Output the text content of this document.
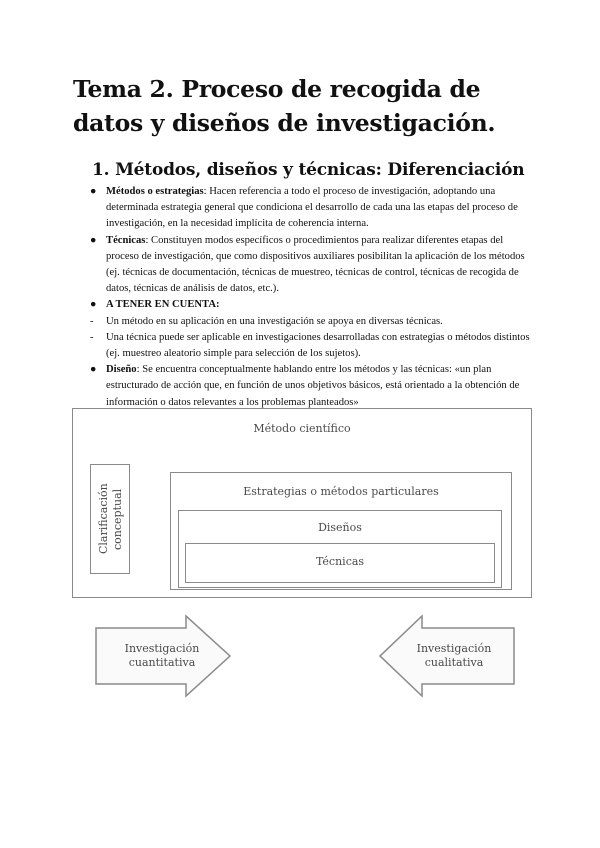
Tema 2. Proceso de recogida de datos y diseños de investigación.
1. Métodos, diseños y técnicas: Diferenciación

● Métodos o estrategias: Hacen referencia a todo el proceso de investigación, adoptando una determinada estrategia general que condiciona el desarrollo de cada una las etapas del proceso de investigación, en la necesidad implícita de coherencia interna.

● Técnicas: Constituyen modos específicos o procedimientos para realizar diferentes etapas del proceso de investigación, que como dispositivos auxiliares posibilitan la aplicación de los métodos (ej. técnicas de documentación, técnicas de muestreo, técnicas de control, técnicas de recogida de datos, técnicas de análisis de datos, etc.).

● A TENER EN CUENTA:

-	Un método en su aplicación en una investigación se apoya en diversas técnicas.

-	Una técnica puede ser aplicable en investigaciones desarrolladas con estrategias o métodos distintos (ej. muestreo aleatorio simple para selección de los sujetos).

● Diseño: Se encuentra conceptualmente hablando entre los métodos y las técnicas: «un plan estructurado de acción que, en función de unos objetivos básicos, está orientado a la obtención de información o datos relevantes a los problemas planteados»

Método científico
Clarificación
conceptual	Estrategias o métodos particulares
Diseños
Técnicas
Investigación
cuantitativa
Investigación
cualitativa
